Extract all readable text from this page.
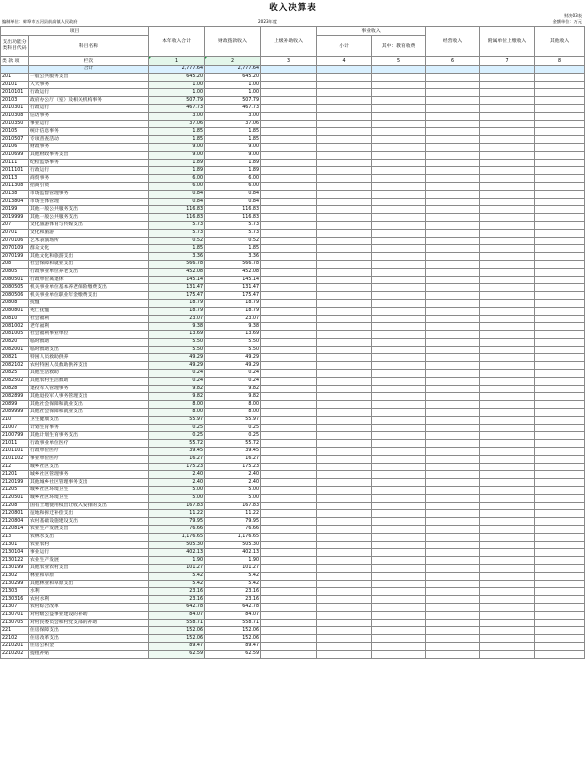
收入决算表
财决03表
编制单位：蚌埠市五河县前高镇人民政府	2023年度	金额单位：万元
项目		本年收入合计	财政拨款收入	上级补助收入	事业收入		经营收入	附属单位上缴收入	其他收入
支出功能分类科目代码	科目名称				小计	其中：教育收费			

类 款 项	栏次	1	2	3	4	5	6	7	8
	合计	2,777.64	2,777.64						
201	一般公共服务支出	645.20	645.20						
20101	人大事务	1.00	1.00						
2010101	行政运行	1.00	1.00						
20103	政府办公厅（室）及相关机构事务	507.79	507.79						
2010301	行政运行	467.73	467.73						
2010308	信访事务	3.00	3.00						
2010350	事业运行	37.06	37.06						
20105	统计信息事务	1.85	1.85						
2010507	专项普查活动	1.85	1.85						
20106	财政事务	9.00	9.00						
2010699	其他财政事务支出	9.00	9.00						
20111	纪检监察事务	1.89	1.89						
2011101	行政运行	1.89	1.89						
20113	商贸事务	6.00	6.00						
2011308	招商引资	6.00	6.00						
20138	市场监督管理事务	0.84	0.84						
2013804	市场主体管理	0.84	0.84						
20199	其他一般公共服务支出	116.83	116.83						
2019999	其他一般公共服务支出	116.83	116.83						
207	文化旅游体育与传媒支出	5.73	5.73						
20701	文化和旅游	5.73	5.73						
2070106	艺术表演场所	0.52	0.52						
2070109	群众文化	1.85	1.85						
2070199	其他文化和旅游支出	3.36	3.36						
208	社会保障和就业支出	566.78	566.78						
20805	行政事业单位养老支出	452.08	452.08						
2080501	行政单位离退休	145.14	145.14						
2080505	机关事业单位基本养老保险缴费支出	131.47	131.47						
2080506	机关事业单位职业年金缴费支出	175.47	175.47						
20808	抚恤	18.79	18.79						
2080801	死亡抚恤	18.79	18.79						
20810	社会福利	23.07	23.07						
2081002	老年福利	9.38	9.38						
2081005	社会福利事业单位	13.69	13.69						
20820	临时救助	5.50	5.50						
2082001	临时救助支出	5.50	5.50						
20821	特困人员救助供养	49.29	49.29						
2082102	农村特困人员救助供养支出	49.29	49.29						
20825	其他生活救助	0.24	0.24						
2082502	其他农村生活救助	0.24	0.24						
20828	退役军人管理事务	9.82	9.82						
2082899	其他退役军人事务管理支出	9.82	9.82						
20899	其他社会保障和就业支出	8.00	8.00						
2089999	其他社会保障和就业支出	8.00	8.00						
210	卫生健康支出	55.97	55.97						
21007	计划生育事务	0.25	0.25						
2100799	其他计划生育事务支出	0.25	0.25						
21011	行政事业单位医疗	55.72	55.72						
2101101	行政单位医疗	39.45	39.45						
2101102	事业单位医疗	16.27	16.27						
212	城乡社区支出	175.23	175.23						
21201	城乡社区管理事务	2.40	2.40						
2120199	其他城乡社区管理事务支出	2.40	2.40						
21205	城乡社区环境卫生	5.00	5.00						
2120501	城乡社区环境卫生	5.00	5.00						
21208	国有土地使用权出让收入安排的支出	167.83	167.83						
2120801	征地和拆迁补偿支出	11.22	11.22						
2120804	农村基础设施建设支出	79.95	79.95						
2120814	农业生产发展支出	76.66	76.66						
213	农林水支出	1,176.65	1,176.65						
21301	农业农村	505.30	505.30						
2130104	事业运行	402.13	402.13						
2130122	农业生产发展	1.90	1.90						
2130199	其他农业农村支出	101.27	101.27						
21302	林业和草原	5.42	5.42						
2130299	其他林业和草原支出	5.42	5.42						
21303	水利	23.16	23.16						
2130316	农村水利	23.16	23.16						
21307	农村综合改革	642.78	642.78						
2130701	对村级公益事业建设的补助	84.07	84.07						
2130705	对村民委员会和村党支部的补助	558.71	558.71						
221	住房保障支出	152.06	152.06						
22102	住房改革支出	152.06	152.06						
2210201	住房公积金	89.47	89.47						
2210202	提租补贴	62.59	62.59						
